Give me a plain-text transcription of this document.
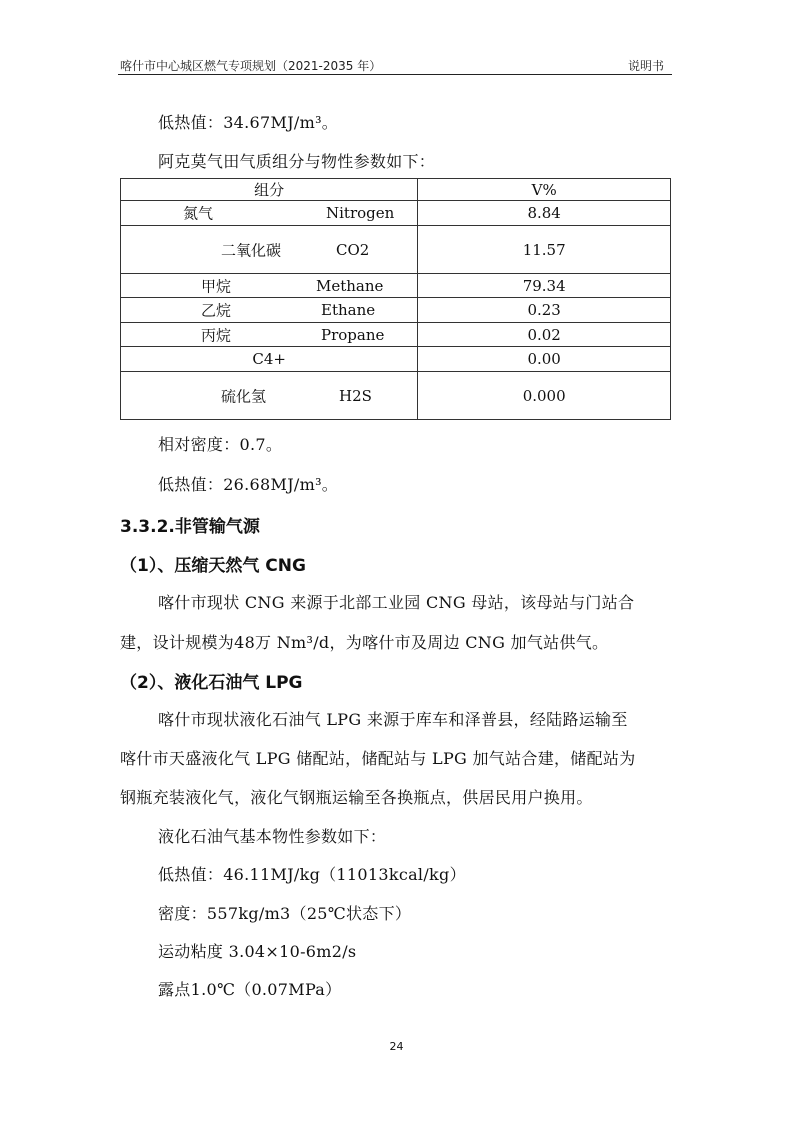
喀什市中心城区燃气专项规划（2021-2035 年）	说明书
低热值：34.67MJ/m³。
阿克莫气田气质组分与物性参数如下：
组分	V%

氮气 Nitrogen	8.84

二氧化碳 CO2	11.57

甲烷 Methane	79.34

乙烷 Ethane	0.23

丙烷 Propane	0.02
C4+	0.00

硫化氢 H2S	0.000
相对密度：0.7。
低热值：26.68MJ/m³。
3.3.2.非管输气源
（1）、压缩天然气 CNG
喀什市现状 CNG 来源于北部工业园 CNG 母站，该母站与门站合
建，设计规模为48万 Nm³/d，为喀什市及周边 CNG 加气站供气。
（2）、液化石油气 LPG
喀什市现状液化石油气 LPG 来源于库车和泽普县，经陆路运输至
喀什市天盛液化气 LPG 储配站，储配站与 LPG 加气站合建，储配站为
钢瓶充装液化气，液化气钢瓶运输至各换瓶点，供居民用户换用。
液化石油气基本物性参数如下：
低热值：46.11MJ/kg（11013kcal/kg）
密度：557kg/m3（25℃状态下）
运动粘度 3.04×10-6m2/s
露点1.0℃（0.07MPa）
24
